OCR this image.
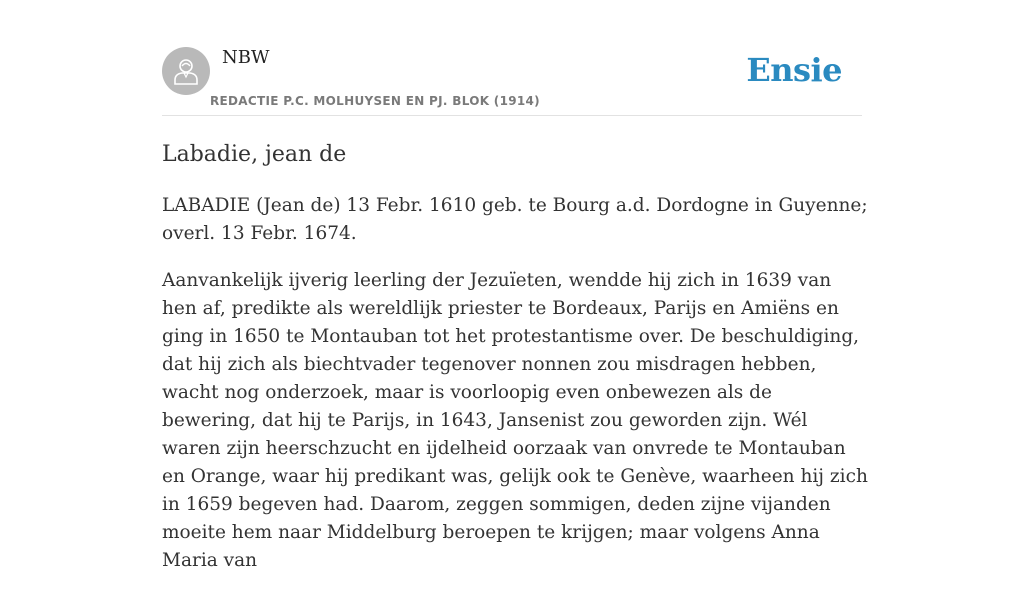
NBW
REDACTIE P.C. MOLHUYSEN EN PJ. BLOK (1914)
Ensie
Labadie, jean de

LABADIE (Jean de) 13 Febr. 1610 geb. te Bourg a.d. Dordogne in Guyenne; overl. 13 Febr. 1674.

Aanvankelijk ijverig leerling der Jezuïeten, wendde hij zich in 1639 van hen af, predikte als wereldlijk priester te Bordeaux, Parijs en Amiëns en ging in 1650 te Montauban tot het protestantisme over. De beschuldiging, dat hij zich als biechtvader tegenover nonnen zou misdragen hebben, wacht nog onderzoek, maar is voorloopig even onbewezen als de bewering, dat hij te Parijs, in 1643, Jansenist zou geworden zijn. Wél waren zijn heerschzucht en ijdelheid oorzaak van onvrede te Montauban en Orange, waar hij predikant was, gelijk ook te Genève, waarheen hij zich in 1659 begeven had. Daarom, zeggen sommigen, deden zijne vijanden moeite hem naar Middelburg beroepen te krijgen; maar volgens Anna Maria van
